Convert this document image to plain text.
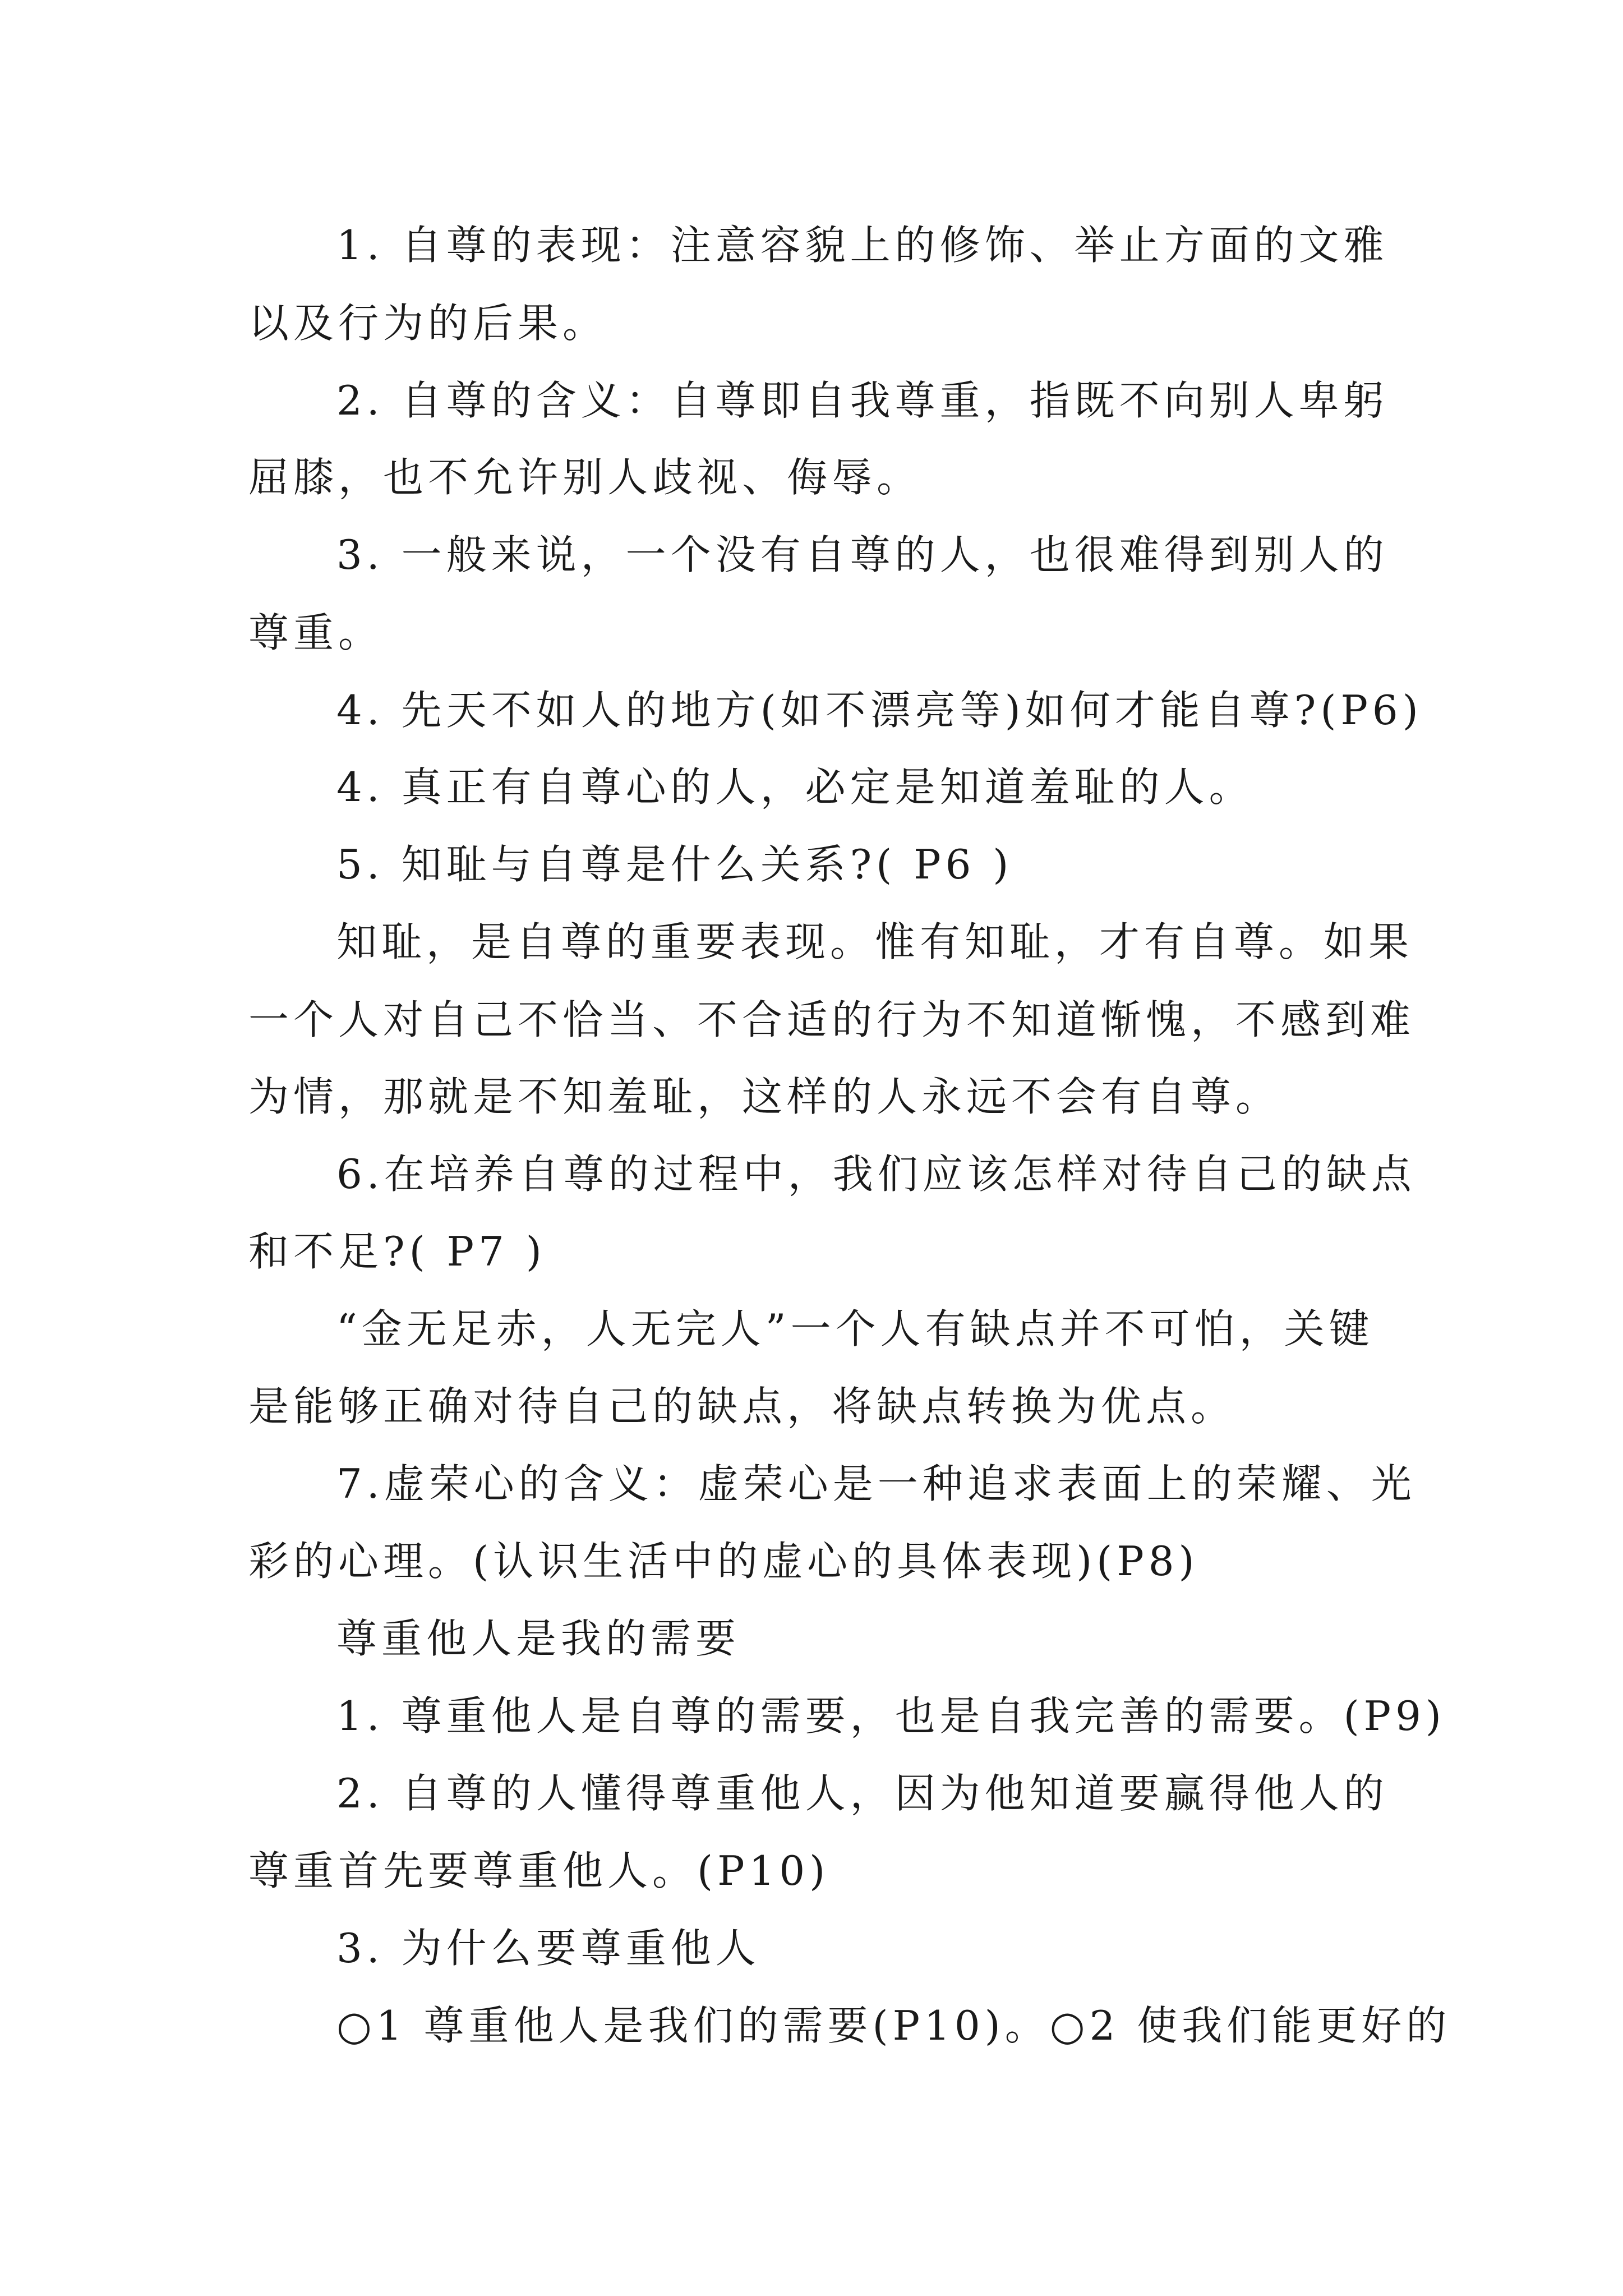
1. 自尊的表现：注意容貌上的修饰、举止方面的文雅
以及行为的后果。
2. 自尊的含义：自尊即自我尊重，指既不向别人卑躬
屈膝，也不允许别人歧视、侮辱。
3. 一般来说，一个没有自尊的人，也很难得到别人的
尊重。
4. 先天不如人的地方(如不漂亮等)如何才能自尊?(P6)
4. 真正有自尊心的人，必定是知道羞耻的人。
5. 知耻与自尊是什么关系?( P6 )
知耻，是自尊的重要表现。惟有知耻，才有自尊。如果
一个人对自己不恰当、不合适的行为不知道惭愧，不感到难
为情，那就是不知羞耻，这样的人永远不会有自尊。
6.在培养自尊的过程中，我们应该怎样对待自己的缺点
和不足?( P7 )
“金无足赤，人无完人”一个人有缺点并不可怕，关键
是能够正确对待自己的缺点，将缺点转换为优点。
7.虚荣心的含义：虚荣心是一种追求表面上的荣耀、光
彩的心理。(认识生活中的虚心的具体表现)(P8)
尊重他人是我的需要
1. 尊重他人是自尊的需要，也是自我完善的需要。(P9)
2. 自尊的人懂得尊重他人，因为他知道要赢得他人的
尊重首先要尊重他人。(P10)
3. 为什么要尊重他人
○1 尊重他人是我们的需要(P10)。○2 使我们能更好的
